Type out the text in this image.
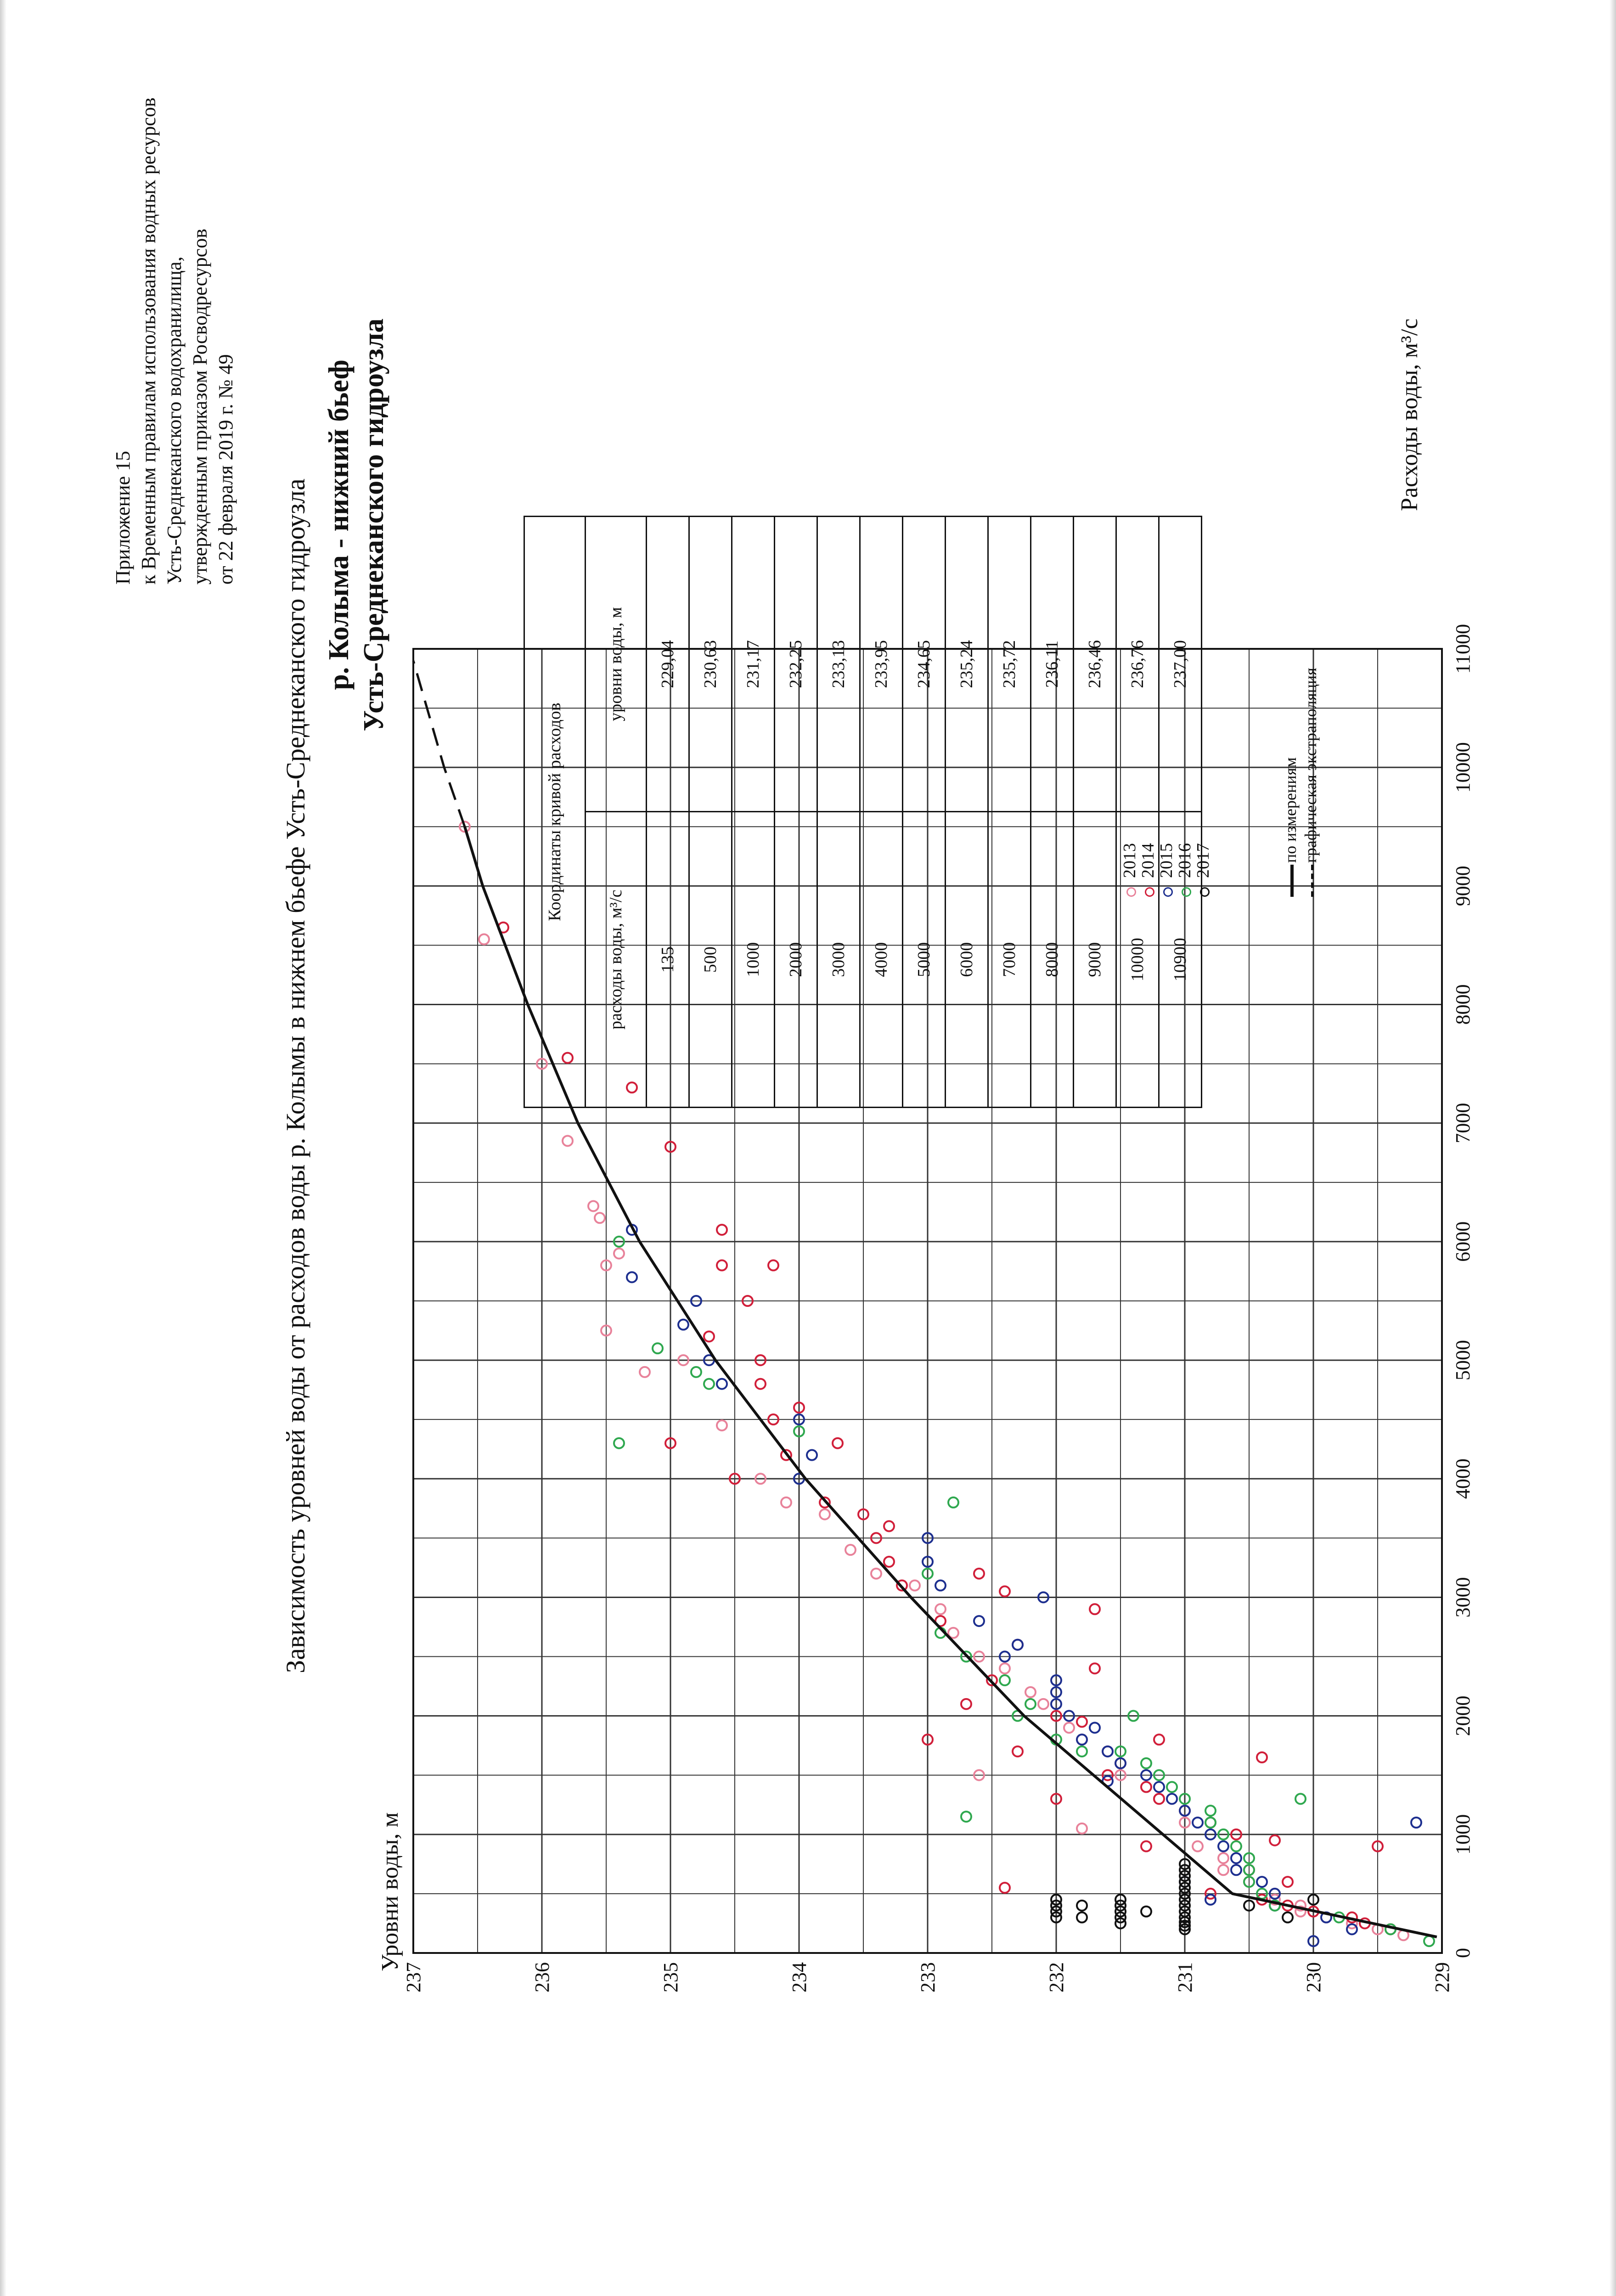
Приложение 15 к Временным правилам использования водных ресурсов Усть-Среднеканского водохранилища, утвержденным приказом Росводресурсов от 22 февраля 2019 г. № 49
Зависимость уровней воды от расходов воды р. Колымы в нижнем бьефе Усть-Среднеканского гидроузла р. Колыма - нижний бьеф Усть-Среднеканского гидроузла
Уровни воды, м
Расходы воды, м³/с
0
1000
2000
3000
4000
5000
6000
7000
8000
9000
10000
11000
229
230
231
232
233
234
235
236
237
Координаты кривой расходов	
расходы воды, м³/с	уровни воды, м
135	229,04
500	230,63
1000	231,17
2000	232,25
3000	233,13
4000	233,95
5000	234,65
6000	235,24
7000	235,72
8000	236,11
9000	236,46
10000	236,76
10900	237,00
2013
2014
2015
2016
2017	по измерениям графическая экстраполяция
